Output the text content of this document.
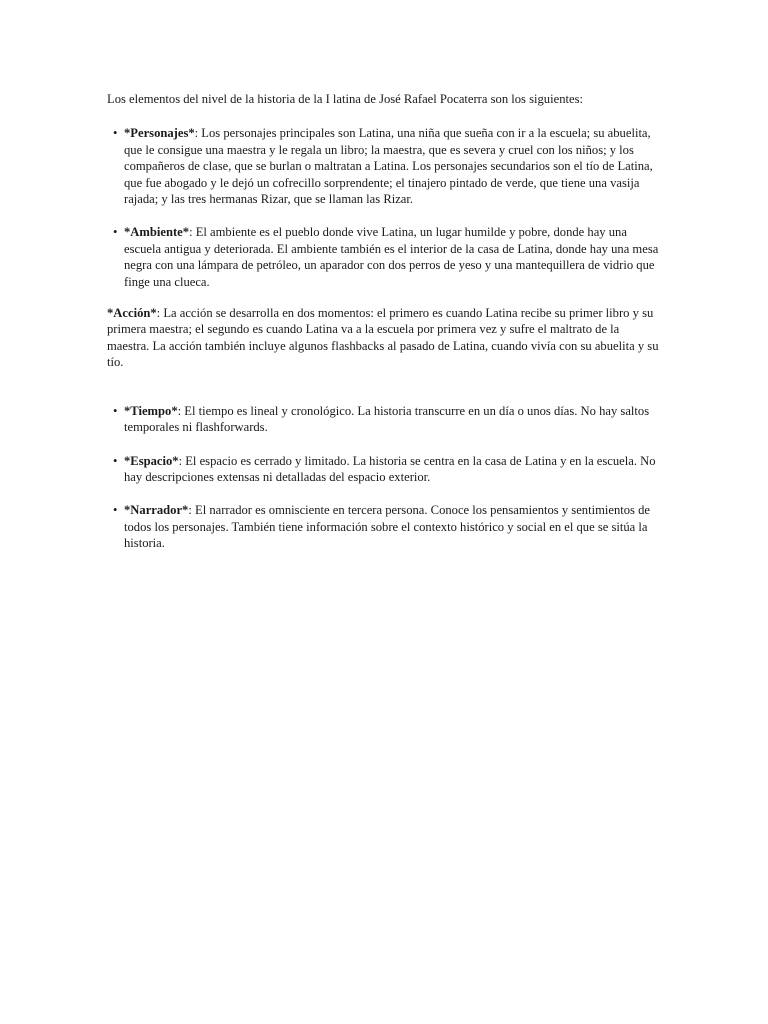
Los elementos del nivel de la historia de la I latina de José Rafael Pocaterra son los siguientes:

• *Personajes*: Los personajes principales son Latina, una niña que sueña con ir a la escuela; su abuelita, que le consigue una maestra y le regala un libro; la maestra, que es severa y cruel con los niños; y los compañeros de clase, que se burlan o maltratan a Latina. Los personajes secundarios son el tío de Latina, que fue abogado y le dejó un cofrecillo sorprendente; el tinajero pintado de verde, que tiene una vasija rajada; y las tres hermanas Rizar, que se llaman las Rizar.
• *Ambiente*: El ambiente es el pueblo donde vive Latina, un lugar humilde y pobre, donde hay una escuela antigua y deteriorada. El ambiente también es el interior de la casa de Latina, donde hay una mesa negra con una lámpara de petróleo, un aparador con dos perros de yeso y una mantequillera de vidrio que finge una clueca.

*Acción*: La acción se desarrolla en dos momentos: el primero es cuando Latina recibe su primer libro y su primera maestra; el segundo es cuando Latina va a la escuela por primera vez y sufre el maltrato de la maestra. La acción también incluye algunos flashbacks al pasado de Latina, cuando vivía con su abuelita y su tío.

• *Tiempo*: El tiempo es lineal y cronológico. La historia transcurre en un día o unos días. No hay saltos temporales ni flashforwards.
• *Espacio*: El espacio es cerrado y limitado. La historia se centra en la casa de Latina y en la escuela. No hay descripciones extensas ni detalladas del espacio exterior.
• *Narrador*: El narrador es omnisciente en tercera persona. Conoce los pensamientos y sentimientos de todos los personajes. También tiene información sobre el contexto histórico y social en el que se sitúa la historia.
